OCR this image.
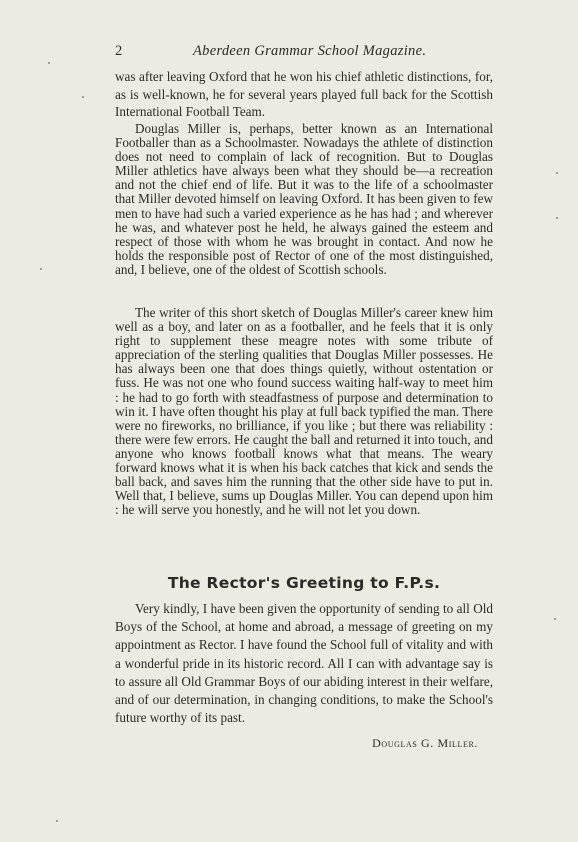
2	Aberdeen Grammar School Magazine.

was after leaving Oxford that he won his chief athletic distinctions, for, as is well-known, he for several years played full back for the Scottish International Football Team.

Douglas Miller is, perhaps, better known as an International Footballer than as a Schoolmaster. Nowadays the athlete of distinction does not need to complain of lack of recognition. But to Douglas Miller athletics have always been what they should be—a recreation and not the chief end of life. But it was to the life of a schoolmaster that Miller devoted himself on leaving Oxford. It has been given to few men to have had such a varied experience as he has had ; and wherever he was, and whatever post he held, he always gained the esteem and respect of those with whom he was brought in contact. And now he holds the responsible post of Rector of one of the most distinguished, and, I believe, one of the oldest of Scottish schools.

The writer of this short sketch of Douglas Miller's career knew him well as a boy, and later on as a footballer, and he feels that it is only right to supplement these meagre notes with some tribute of appreciation of the sterling qualities that Douglas Miller possesses. He has always been one that does things quietly, without ostentation or fuss. He was not one who found success waiting half-way to meet him : he had to go forth with steadfastness of purpose and determination to win it. I have often thought his play at full back typified the man. There were no fireworks, no brilliance, if you like ; but there was reliability : there were few errors. He caught the ball and returned it into touch, and anyone who knows football knows what that means. The weary forward knows what it is when his back catches that kick and sends the ball back, and saves him the running that the other side have to put in. Well that, I believe, sums up Douglas Miller. You can depend upon him : he will serve you honestly, and he will not let you down.

The Rector's Greeting to F.P.s.

Very kindly, I have been given the opportunity of sending to all Old Boys of the School, at home and abroad, a message of greeting on my appointment as Rector. I have found the School full of vitality and with a wonderful pride in its historic record. All I can with advantage say is to assure all Old Grammar Boys of our abiding interest in their welfare, and of our determination, in changing conditions, to make the School's future worthy of its past.

Douglas G. Miller.
